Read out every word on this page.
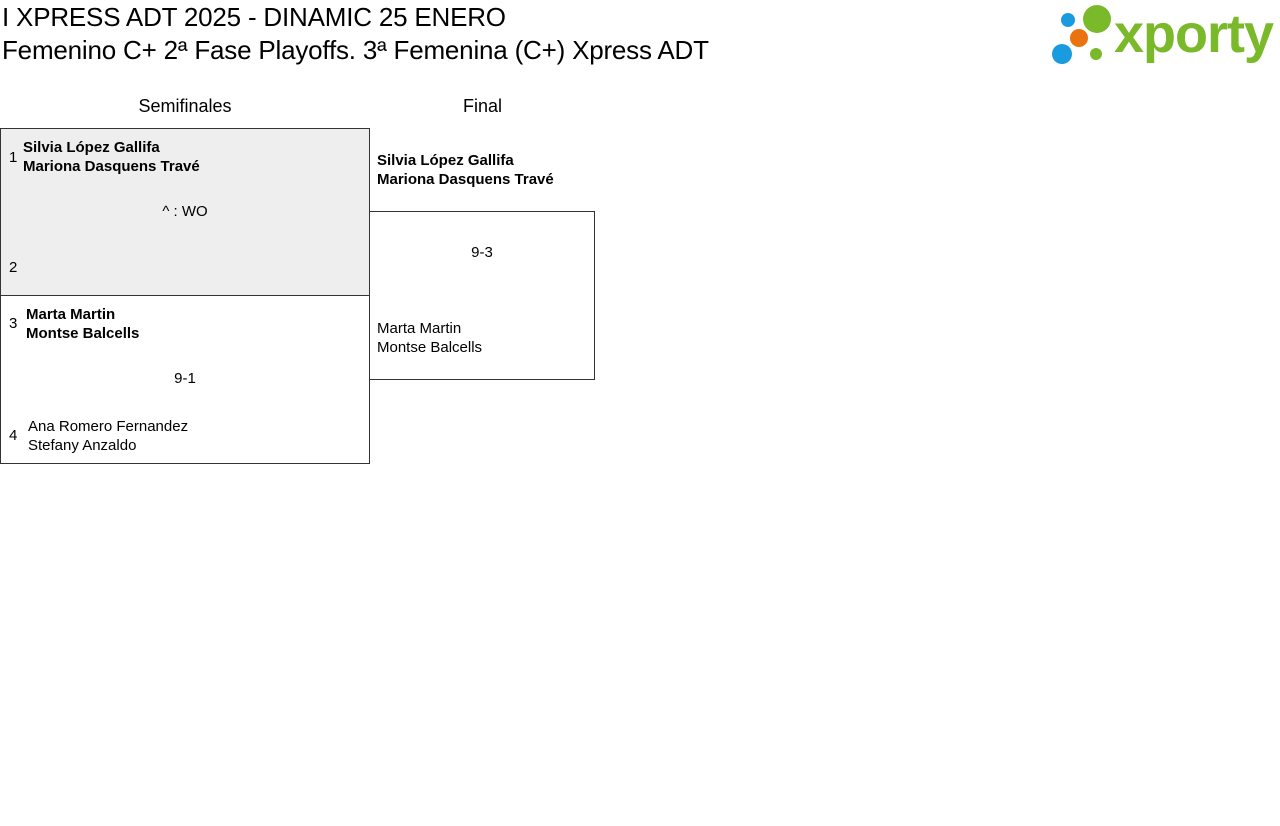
I XPRESS ADT 2025 - DINAMIC 25 ENERO
Femenino C+ 2ª Fase Playoffs. 3ª Femenina (C+) Xpress ADT	xporty
Semifinales	Final
1
Silvia López Gallifa
Mariona Dasquens Travé
^ : WO
2
3
Marta Martin
Montse Balcells
9-1
4
Ana Romero Fernandez
Stefany Anzaldo
Silvia López Gallifa
Mariona Dasquens Travé
9-3
Marta Martin
Montse Balcells
